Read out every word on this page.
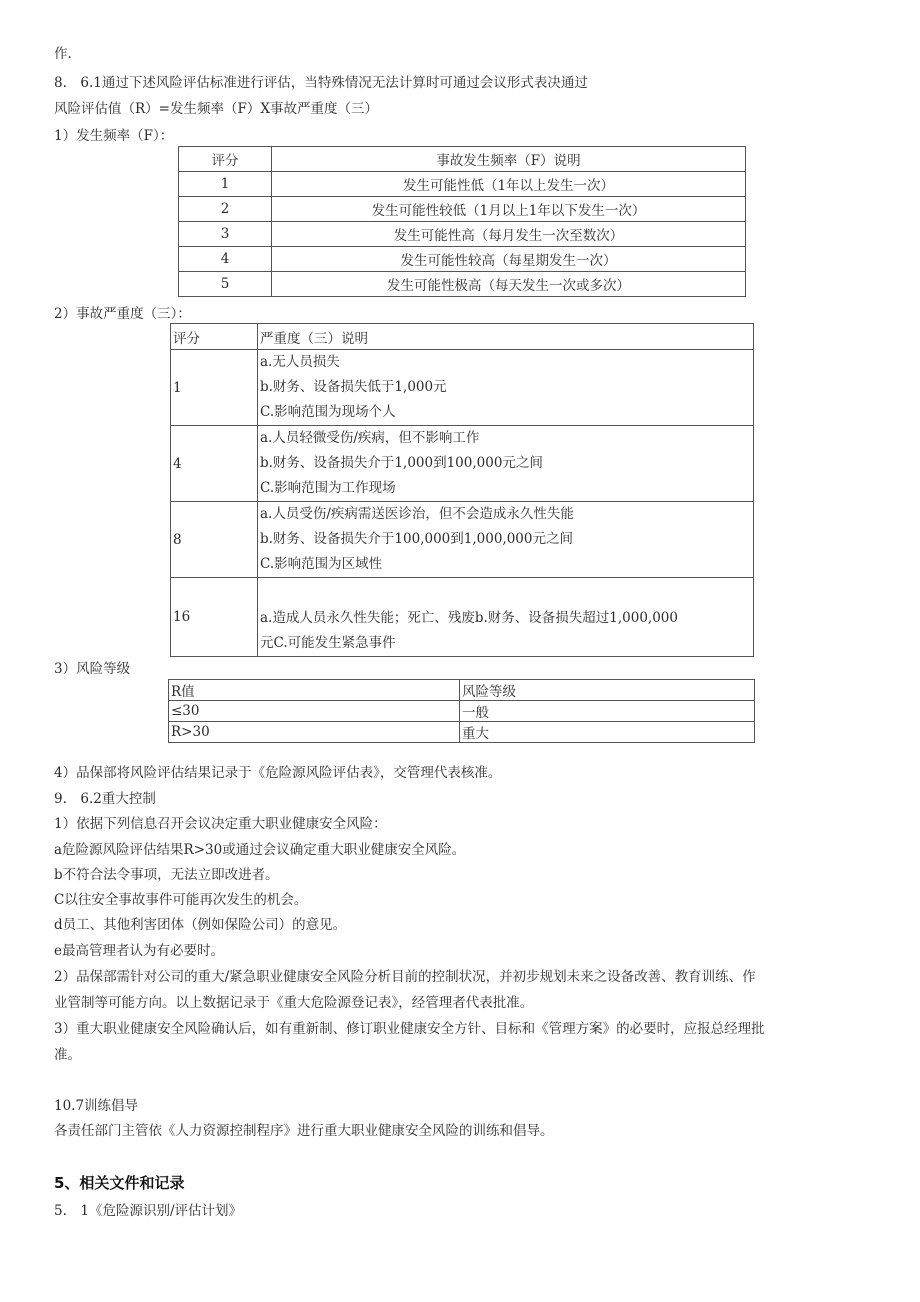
作.
8.　6.1通过下述风险评估标准进行评估，当特殊情况无法计算时可通过会议形式表决通过
风险评估值（R）=发生频率（F）X事故严重度（三）
1）发生频率（F）：
评分	事故发生频率（F）说明
1	发生可能性低（1年以上发生一次）
2	发生可能性较低（1月以上1年以下发生一次）
3	发生可能性高（每月发生一次至数次）
4	发生可能性较高（每星期发生一次）
5	发生可能性极高（每天发生一次或多次）
2）事故严重度（三）：
评分	严重度（三）说明
1	a.无人员损失
b.财务、设备损失低于1,000元
C.影响范围为现场个人

4	a.人员轻微受伤/疾病，但不影响工作
b.财务、设备损失介于1,000到100,000元之间
C.影响范围为工作现场

8	a.人员受伤/疾病需送医诊治，但不会造成永久性失能
b.财务、设备损失介于100,000到1,000,000元之间
C.影响范围为区域性

16	a.造成人员永久性失能；死亡、残废b.财务、设备损失超过1,000,000
元C.可能发生紧急事件
3）风险等级
R值	风险等级
≤30	一般
R>30	重大
4）品保部将风险评估结果记录于《危险源风险评估表》，交管理代表核准。
9.　6.2重大控制
1）依据下列信息召开会议决定重大职业健康安全风险：
a危险源风险评估结果R>30或通过会议确定重大职业健康安全风险。
b不符合法令事项，无法立即改进者。
C以往安全事故事件可能再次发生的机会。
d员工、其他利害团体（例如保险公司）的意见。
e最高管理者认为有必要时。
2）品保部需针对公司的重大/紧急职业健康安全风险分析目前的控制状况，并初步规划未来之设备改善、教育训练、作
业管制等可能方向。以上数据记录于《重大危险源登记表》，经管理者代表批准。
3）重大职业健康安全风险确认后，如有重新制、修订职业健康安全方针、目标和《管理方案》的必要时，应报总经理批
准。
10.7训练倡导
各责任部门主管依《人力资源控制程序》进行重大职业健康安全风险的训练和倡导。
5、相关文件和记录
5.　1《危险源识别/评估计划》
